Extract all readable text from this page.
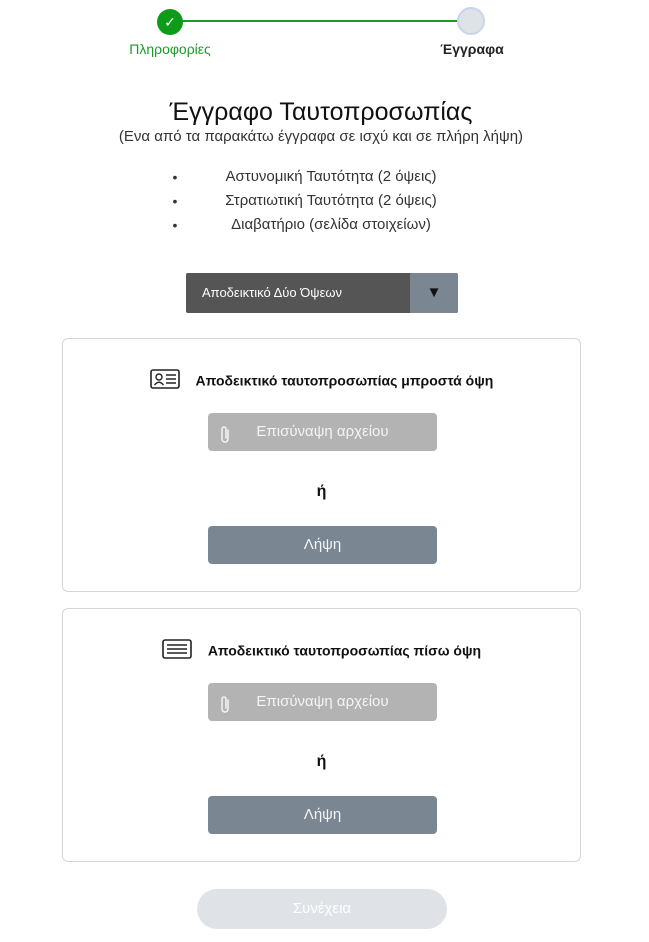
✓
Πληροφορίες	Έγγραφα
Έγγραφο Ταυτοπροσωπίας
(Ενα από τα παρακάτω έγγραφα σε ισχύ και σε πλήρη λήψη)
•	Αστυνομική Ταυτότητα (2 όψεις)
•	Στρατιωτική Ταυτότητα (2 όψεις)
•	Διαβατήριο (σελίδα στοιχείων)
Αποδεικτικό Δύο Όψεων	▼
Αποδεικτικό ταυτοπροσωπίας μπροστά όψη
Επισύναψη αρχείου
ή
Λήψη
Αποδεικτικό ταυτοπροσωπίας πίσω όψη
Επισύναψη αρχείου
ή
Λήψη
Συνέχεια
